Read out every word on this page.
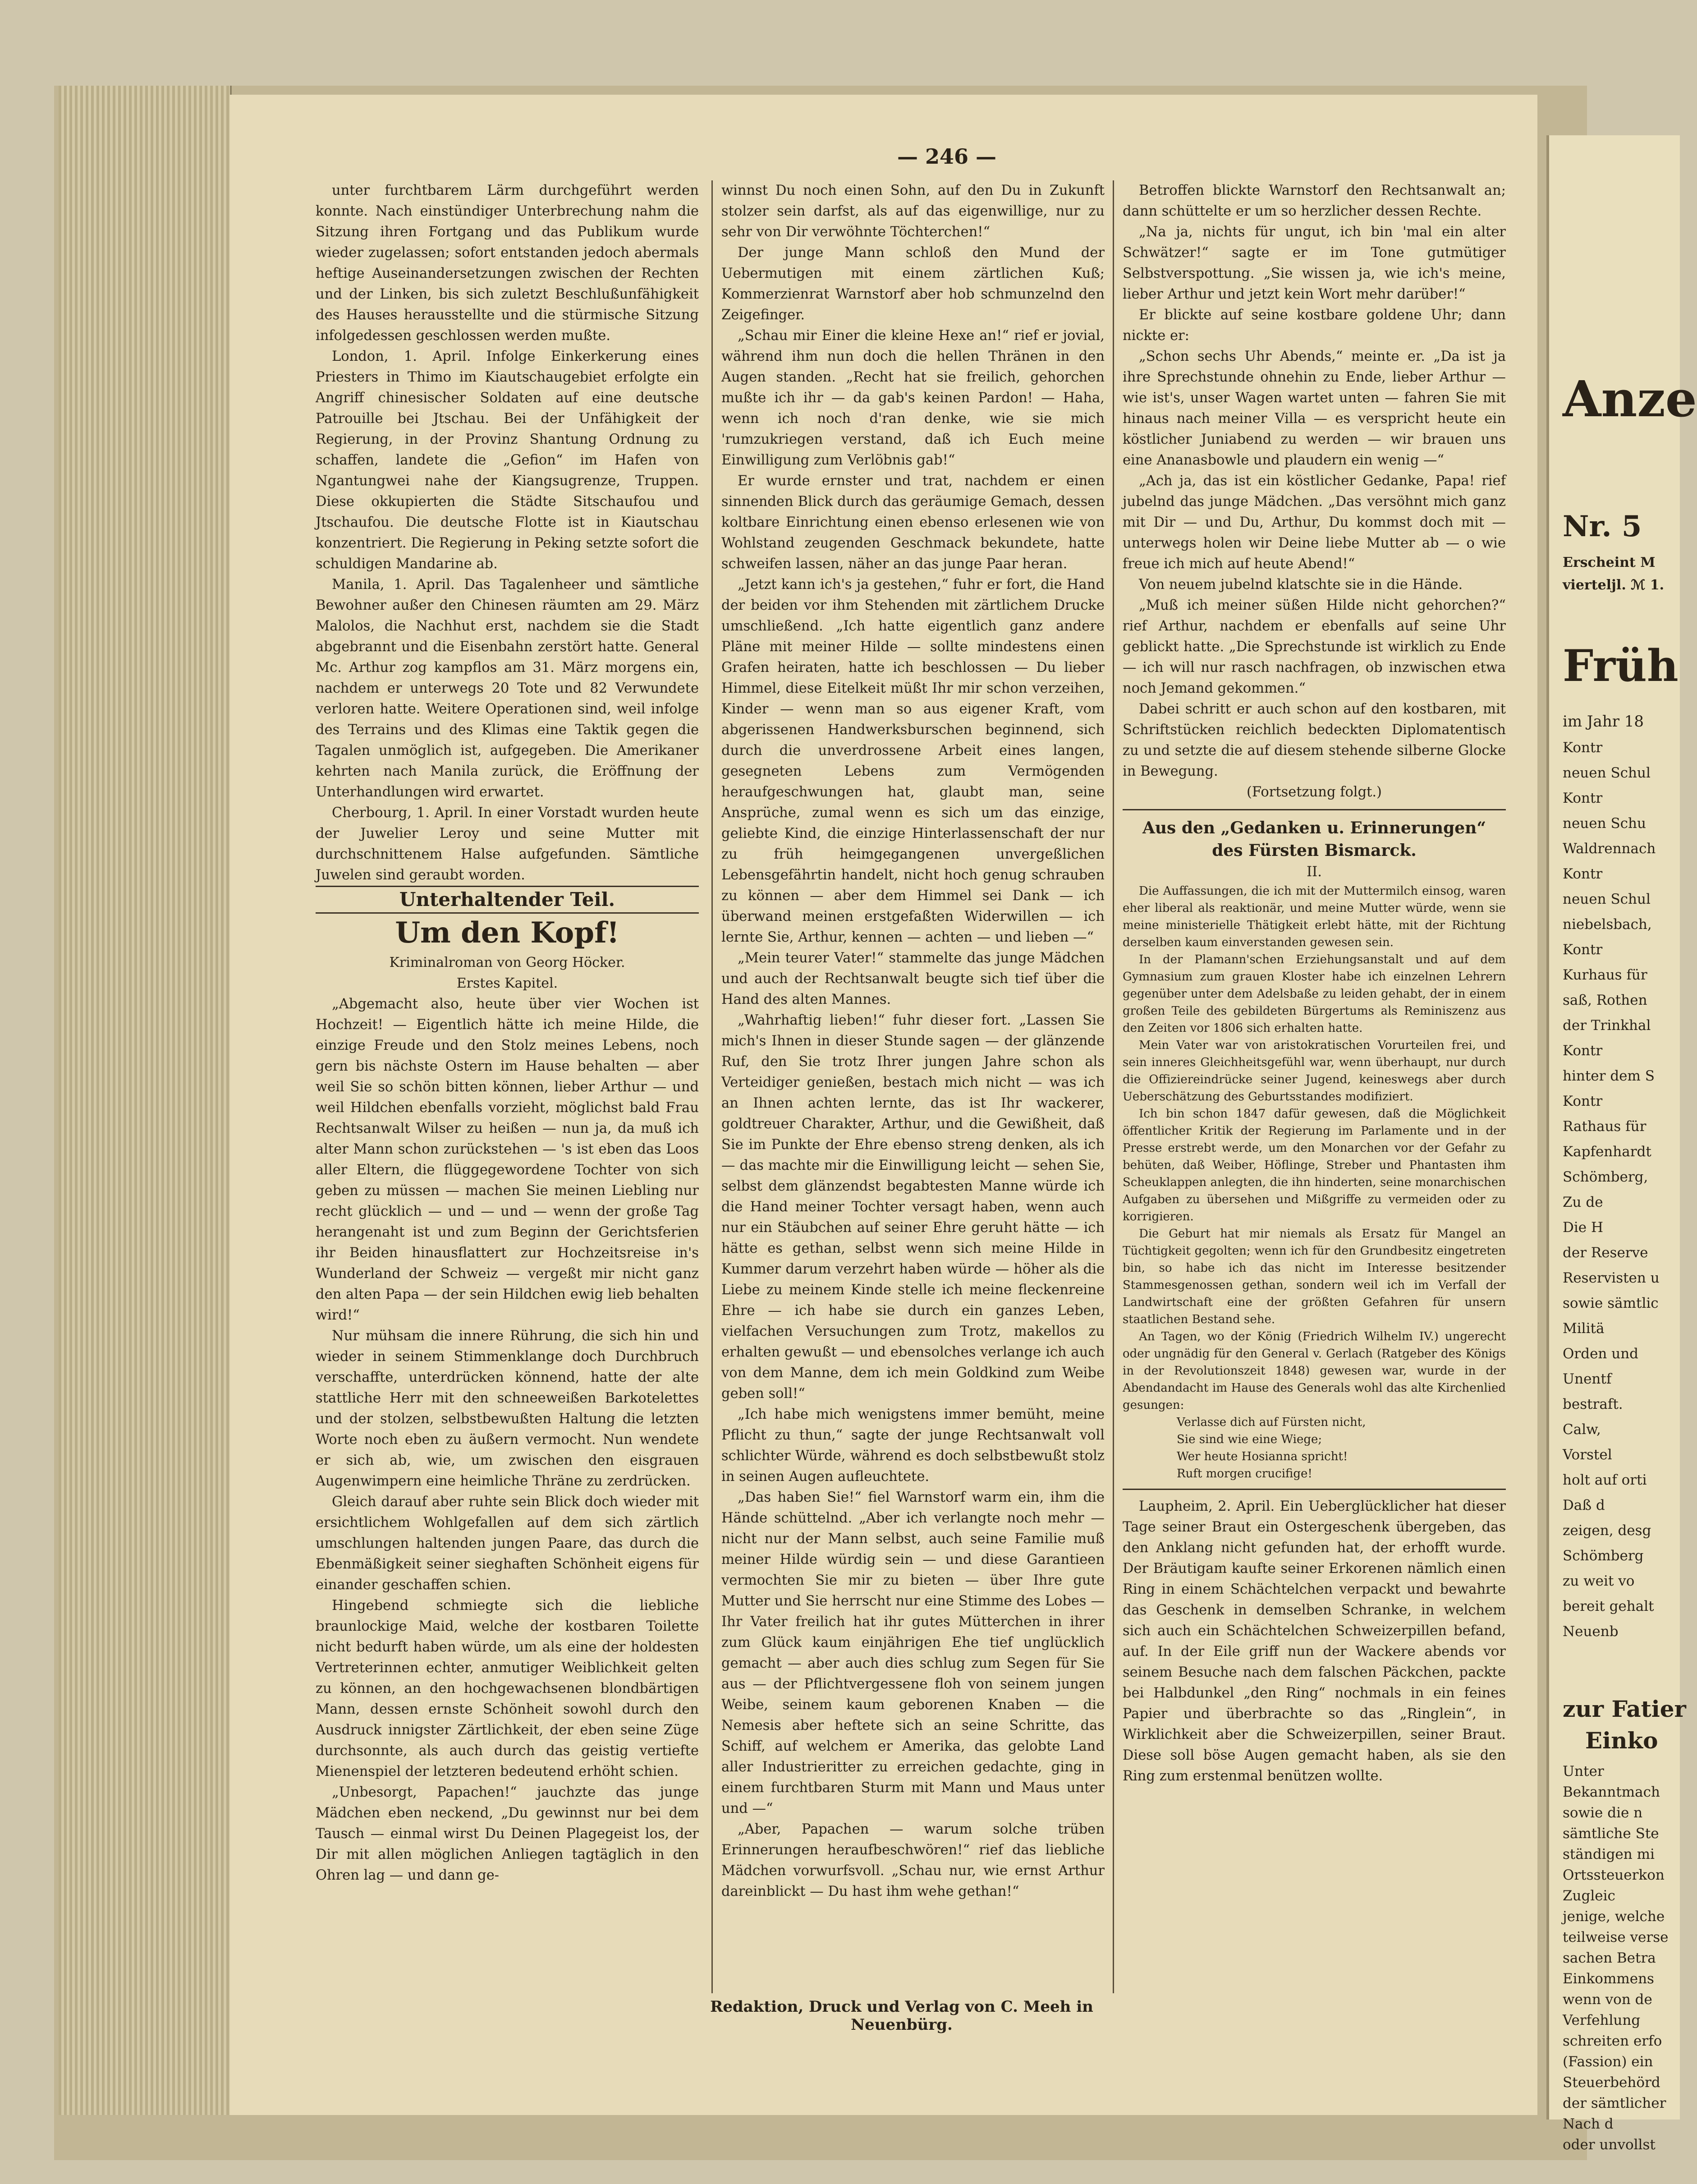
— 246 —

unter furchtbarem Lärm durchgeführt werden konnte. Nach einstündiger Unterbrechung nahm die Sitzung ihren Fortgang und das Publikum wurde wieder zugelassen; sofort entstanden jedoch abermals heftige Auseinandersetzungen zwischen der Rechten und der Linken, bis sich zuletzt Beschlußunfähigkeit des Hauses herausstellte und die stürmische Sitzung infolgedessen geschlossen werden mußte.

London, 1. April. Infolge Einkerkerung eines Priesters in Thimo im Kiautschaugebiet erfolgte ein Angriff chinesischer Soldaten auf eine deutsche Patrouille bei Jtschau. Bei der Unfähigkeit der Regierung, in der Provinz Shantung Ordnung zu schaffen, landete die „Gefion“ im Hafen von Ngantungwei nahe der Kiangsugrenze, Truppen. Diese okkupierten die Städte Sitschaufou und Jtschaufou. Die deutsche Flotte ist in Kiautschau konzentriert. Die Regierung in Peking setzte sofort die schuldigen Mandarine ab.

Manila, 1. April. Das Tagalenheer und sämtliche Bewohner außer den Chinesen räumten am 29. März Malolos, die Nachhut erst, nachdem sie die Stadt abgebrannt und die Eisenbahn zerstört hatte. General Mc. Arthur zog kampflos am 31. März morgens ein, nachdem er unterwegs 20 Tote und 82 Verwundete verloren hatte. Weitere Operationen sind, weil infolge des Terrains und des Klimas eine Taktik gegen die Tagalen unmöglich ist, aufgegeben. Die Amerikaner kehrten nach Manila zurück, die Eröffnung der Unterhandlungen wird erwartet.

Cherbourg, 1. April. In einer Vorstadt wurden heute der Juwelier Leroy und seine Mutter mit durchschnittenem Halse aufgefunden. Sämtliche Juwelen sind geraubt worden.

Unterhaltender Teil.

Um den Kopf!

Kriminalroman von Georg Höcker.

Erstes Kapitel.

„Abgemacht also, heute über vier Wochen ist Hochzeit! — Eigentlich hätte ich meine Hilde, die einzige Freude und den Stolz meines Lebens, noch gern bis nächste Ostern im Hause behalten — aber weil Sie so schön bitten können, lieber Arthur — und weil Hildchen ebenfalls vorzieht, möglichst bald Frau Rechtsanwalt Wilser zu heißen — nun ja, da muß ich alter Mann schon zurückstehen — 's ist eben das Loos aller Eltern, die flüggegewordene Tochter von sich geben zu müssen — machen Sie meinen Liebling nur recht glücklich — und — und — wenn der große Tag herangenaht ist und zum Beginn der Gerichtsferien ihr Beiden hinausflattert zur Hochzeitsreise in's Wunderland der Schweiz — vergeßt mir nicht ganz den alten Papa — der sein Hildchen ewig lieb behalten wird!“

Nur mühsam die innere Rührung, die sich hin und wieder in seinem Stimmenklange doch Durchbruch verschaffte, unterdrücken könnend, hatte der alte stattliche Herr mit den schneeweißen Barkotelettes und der stolzen, selbstbewußten Haltung die letzten Worte noch eben zu äußern vermocht. Nun wendete er sich ab, wie, um zwischen den eisgrauen Augenwimpern eine heimliche Thräne zu zerdrücken.

Gleich darauf aber ruhte sein Blick doch wieder mit ersichtlichem Wohlgefallen auf dem sich zärtlich umschlungen haltenden jungen Paare, das durch die Ebenmäßigkeit seiner sieghaften Schönheit eigens für einander geschaffen schien.

Hingebend schmiegte sich die liebliche braunlockige Maid, welche der kostbaren Toilette nicht bedurft haben würde, um als eine der holdesten Vertreterinnen echter, anmutiger Weiblichkeit gelten zu können, an den hochgewachsenen blondbärtigen Mann, dessen ernste Schönheit sowohl durch den Ausdruck innigster Zärtlichkeit, der eben seine Züge durchsonnte, als auch durch das geistig vertiefte Mienenspiel der letzteren bedeutend erhöht schien.

„Unbesorgt, Papachen!“ jauchzte das junge Mädchen eben neckend, „Du gewinnst nur bei dem Tausch — einmal wirst Du Deinen Plagegeist los, der Dir mit allen möglichen Anliegen tagtäglich in den Ohren lag — und dann ge-

winnst Du noch einen Sohn, auf den Du in Zukunft stolzer sein darfst, als auf das eigenwillige, nur zu sehr von Dir verwöhnte Töchterchen!“

Der junge Mann schloß den Mund der Uebermutigen mit einem zärtlichen Kuß; Kommerzienrat Warnstorf aber hob schmunzelnd den Zeigefinger.

„Schau mir Einer die kleine Hexe an!“ rief er jovial, während ihm nun doch die hellen Thränen in den Augen standen. „Recht hat sie freilich, gehorchen mußte ich ihr — da gab's keinen Pardon! — Haha, wenn ich noch d'ran denke, wie sie mich 'rumzukriegen verstand, daß ich Euch meine Einwilligung zum Verlöbnis gab!“

Er wurde ernster und trat, nachdem er einen sinnenden Blick durch das geräumige Gemach, dessen koltbare Einrichtung einen ebenso erlesenen wie von Wohlstand zeugenden Geschmack bekundete, hatte schweifen lassen, näher an das junge Paar heran.

„Jetzt kann ich's ja gestehen,“ fuhr er fort, die Hand der beiden vor ihm Stehenden mit zärtlichem Drucke umschließend. „Ich hatte eigentlich ganz andere Pläne mit meiner Hilde — sollte mindestens einen Grafen heiraten, hatte ich beschlossen — Du lieber Himmel, diese Eitelkeit müßt Ihr mir schon verzeihen, Kinder — wenn man so aus eigener Kraft, vom abgerissenen Handwerksburschen beginnend, sich durch die unverdrossene Arbeit eines langen, gesegneten Lebens zum Vermögenden heraufgeschwungen hat, glaubt man, seine Ansprüche, zumal wenn es sich um das einzige, geliebte Kind, die einzige Hinterlassenschaft der nur zu früh heimgegangenen unvergeßlichen Lebensgefährtin handelt, nicht hoch genug schrauben zu können — aber dem Himmel sei Dank — ich überwand meinen erstgefaßten Widerwillen — ich lernte Sie, Arthur, kennen — achten — und lieben —“

„Mein teurer Vater!“ stammelte das junge Mädchen und auch der Rechtsanwalt beugte sich tief über die Hand des alten Mannes.

„Wahrhaftig lieben!“ fuhr dieser fort. „Lassen Sie mich's Ihnen in dieser Stunde sagen — der glänzende Ruf, den Sie trotz Ihrer jungen Jahre schon als Verteidiger genießen, bestach mich nicht — was ich an Ihnen achten lernte, das ist Ihr wackerer, goldtreuer Charakter, Arthur, und die Gewißheit, daß Sie im Punkte der Ehre ebenso streng denken, als ich — das machte mir die Einwilligung leicht — sehen Sie, selbst dem glänzendst begabtesten Manne würde ich die Hand meiner Tochter versagt haben, wenn auch nur ein Stäubchen auf seiner Ehre geruht hätte — ich hätte es gethan, selbst wenn sich meine Hilde in Kummer darum verzehrt haben würde — höher als die Liebe zu meinem Kinde stelle ich meine fleckenreine Ehre — ich habe sie durch ein ganzes Leben, vielfachen Versuchungen zum Trotz, makellos zu erhalten gewußt — und ebensolches verlange ich auch von dem Manne, dem ich mein Goldkind zum Weibe geben soll!“

„Ich habe mich wenigstens immer bemüht, meine Pflicht zu thun,“ sagte der junge Rechtsanwalt voll schlichter Würde, während es doch selbstbewußt stolz in seinen Augen aufleuchtete.

„Das haben Sie!“ fiel Warnstorf warm ein, ihm die Hände schüttelnd. „Aber ich verlangte noch mehr — nicht nur der Mann selbst, auch seine Familie muß meiner Hilde würdig sein — und diese Garantieen vermochten Sie mir zu bieten — über Ihre gute Mutter und Sie herrscht nur eine Stimme des Lobes — Ihr Vater freilich hat ihr gutes Mütterchen in ihrer zum Glück kaum einjährigen Ehe tief unglücklich gemacht — aber auch dies schlug zum Segen für Sie aus — der Pflichtvergessene floh von seinem jungen Weibe, seinem kaum geborenen Knaben — die Nemesis aber heftete sich an seine Schritte, das Schiff, auf welchem er Amerika, das gelobte Land aller Industrieritter zu erreichen gedachte, ging in einem furchtbaren Sturm mit Mann und Maus unter und —“

„Aber, Papachen — warum solche trüben Erinnerungen heraufbeschwören!“ rief das liebliche Mädchen vorwurfsvoll. „Schau nur, wie ernst Arthur dareinblickt — Du hast ihm wehe gethan!“

Betroffen blickte Warnstorf den Rechtsanwalt an; dann schüttelte er um so herzlicher dessen Rechte.

„Na ja, nichts für ungut, ich bin 'mal ein alter Schwätzer!“ sagte er im Tone gutmütiger Selbstverspottung. „Sie wissen ja, wie ich's meine, lieber Arthur und jetzt kein Wort mehr darüber!“

Er blickte auf seine kostbare goldene Uhr; dann nickte er:

„Schon sechs Uhr Abends,“ meinte er. „Da ist ja ihre Sprechstunde ohnehin zu Ende, lieber Arthur — wie ist's, unser Wagen wartet unten — fahren Sie mit hinaus nach meiner Villa — es verspricht heute ein köstlicher Juniabend zu werden — wir brauen uns eine Ananasbowle und plaudern ein wenig —“

„Ach ja, das ist ein köstlicher Gedanke, Papa! rief jubelnd das junge Mädchen. „Das versöhnt mich ganz mit Dir — und Du, Arthur, Du kommst doch mit — unterwegs holen wir Deine liebe Mutter ab — o wie freue ich mich auf heute Abend!“

Von neuem jubelnd klatschte sie in die Hände.

„Muß ich meiner süßen Hilde nicht gehorchen?“ rief Arthur, nachdem er ebenfalls auf seine Uhr geblickt hatte. „Die Sprechstunde ist wirklich zu Ende — ich will nur rasch nachfragen, ob inzwischen etwa noch Jemand gekommen.“

Dabei schritt er auch schon auf den kostbaren, mit Schriftstücken reichlich bedeckten Diplomatentisch zu und setzte die auf diesem stehende silberne Glocke in Bewegung.

(Fortsetzung folgt.)

Aus den „Gedanken u. Erinnerungen“

des Fürsten Bismarck.

II.

Die Auffassungen, die ich mit der Muttermilch einsog, waren eher liberal als reaktionär, und meine Mutter würde, wenn sie meine ministerielle Thätigkeit erlebt hätte, mit der Richtung derselben kaum einverstanden gewesen sein.

In der Plamann'schen Erziehungsanstalt und auf dem Gymnasium zum grauen Kloster habe ich einzelnen Lehrern gegenüber unter dem Adelsbaße zu leiden gehabt, der in einem großen Teile des gebildeten Bürgertums als Reminiszenz aus den Zeiten vor 1806 sich erhalten hatte.

Mein Vater war von aristokratischen Vorurteilen frei, und sein inneres Gleichheitsgefühl war, wenn überhaupt, nur durch die Offiziereindrücke seiner Jugend, keineswegs aber durch Ueberschätzung des Geburtsstandes modifiziert.

Ich bin schon 1847 dafür gewesen, daß die Möglichkeit öffentlicher Kritik der Regierung im Parlamente und in der Presse erstrebt werde, um den Monarchen vor der Gefahr zu behüten, daß Weiber, Höflinge, Streber und Phantasten ihm Scheuklappen anlegten, die ihn hinderten, seine monarchischen Aufgaben zu übersehen und Mißgriffe zu vermeiden oder zu korrigieren.

Die Geburt hat mir niemals als Ersatz für Mangel an Tüchtigkeit gegolten; wenn ich für den Grundbesitz eingetreten bin, so habe ich das nicht im Interesse besitzender Stammesgenossen gethan, sondern weil ich im Verfall der Landwirtschaft eine der größten Gefahren für unsern staatlichen Bestand sehe.

An Tagen, wo der König (Friedrich Wilhelm IV.) ungerecht oder ungnädig für den General v. Gerlach (Ratgeber des Königs in der Revolutionszeit 1848) gewesen war, wurde in der Abendandacht im Hause des Generals wohl das alte Kirchenlied gesungen:

Verlasse dich auf Fürsten nicht,

Sie sind wie eine Wiege;

Wer heute Hosianna spricht!

Ruft morgen crucifige!

Laupheim, 2. April. Ein Ueberglücklicher hat dieser Tage seiner Braut ein Ostergeschenk übergeben, das den Anklang nicht gefunden hat, der erhofft wurde. Der Bräutigam kaufte seiner Erkorenen nämlich einen Ring in einem Schächtelchen verpackt und bewahrte das Geschenk in demselben Schranke, in welchem sich auch ein Schächtelchen Schweizerpillen befand, auf. In der Eile griff nun der Wackere abends vor seinem Besuche nach dem falschen Päckchen, packte bei Halbdunkel „den Ring“ nochmals in ein feines Papier und überbrachte so das „Ringlein“, in Wirklichkeit aber die Schweizerpillen, seiner Braut. Diese soll böse Augen gemacht haben, als sie den Ring zum erstenmal benützen wollte.

Redaktion, Druck und Verlag von C. Meeh in Neuenbürg.
Anze
Nr. 5
Erscheint M
vierteljl. ℳ 1.
Früh
im Jahr 18
Kontr
neuen Schul
Kontr
neuen Schu
Waldrennach
Kontr
neuen Schul
niebelsbach,
Kontr
Kurhaus für
saß, Rothen
der Trinkhal
Kontr
hinter dem S
Kontr
Rathaus für
Kapfenhardt
Schömberg,
Zu de
Die H
der Reserve
Reservisten u
sowie sämtlic
Militä
Orden und
Unentf
bestraft.
Calw,
Vorstel
holt auf orti
Daß d
zeigen, desg
Schömberg
zu weit vo
bereit gehalt
Neuenb
zur Fatier
Einko
Unter
Bekanntmach
sowie die n
sämtliche Ste
ständigen mi
Ortssteuerkon
Zugleic
jenige, welche
teilweise verse
sachen Betra
Einkommens
wenn von de
Verfehlung
schreiten erfo
(Fassion) ein
Steuerbehörd
der sämtlicher
Nach d
oder unvollst
